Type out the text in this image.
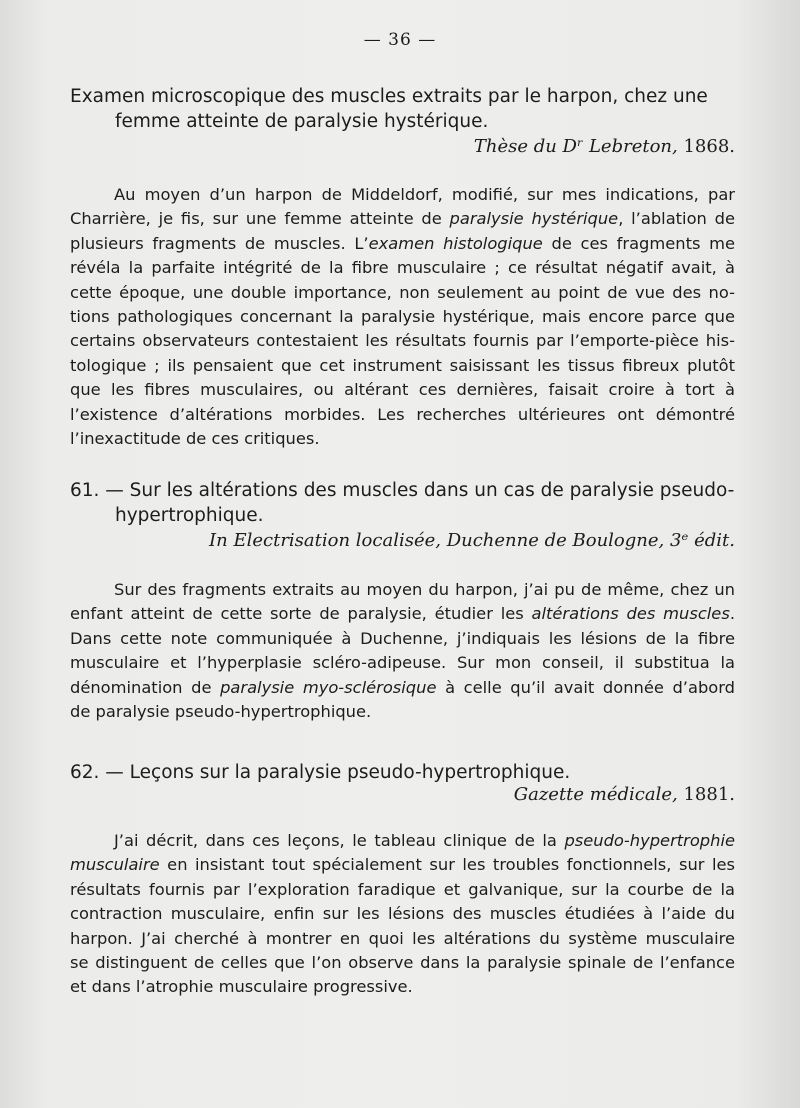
— 36 —
Examen microscopique des muscles extraits par le harpon, chez une
femme atteinte de paralysie hystérique.
Thèse du Dʳ Lebreton, 1868.
Au moyen d’un harpon de Middeldorf, modifié, sur mes indications, par
Charrière, je fis, sur une femme atteinte de paralysie hystérique, l’ablation de
plusieurs fragments de muscles. L’examen histologique de ces fragments me
révéla la parfaite intégrité de la fibre musculaire ; ce résultat négatif avait, à
cette époque, une double importance, non seulement au point de vue des no-
tions pathologiques concernant la paralysie hystérique, mais encore parce que
certains observateurs contestaient les résultats fournis par l’emporte-pièce his-
tologique ; ils pensaient que cet instrument saisissant les tissus fibreux plutôt
que les fibres musculaires, ou altérant ces dernières, faisait croire à tort à
l’existence d’altérations morbides. Les recherches ultérieures ont démontré
l’inexactitude de ces critiques.
61. — Sur les altérations des muscles dans un cas de paralysie pseudo-
hypertrophique.
In Electrisation localisée, Duchenne de Boulogne, 3ᵉ édit.
Sur des fragments extraits au moyen du harpon, j’ai pu de même, chez un
enfant atteint de cette sorte de paralysie, étudier les altérations des muscles.
Dans cette note communiquée à Duchenne, j’indiquais les lésions de la fibre
musculaire et l’hyperplasie scléro-adipeuse. Sur mon conseil, il substitua la
dénomination de paralysie myo-sclérosique à celle qu’il avait donnée d’abord
de paralysie pseudo-hypertrophique.
62. — Leçons sur la paralysie pseudo-hypertrophique.
Gazette médicale, 1881.
J’ai décrit, dans ces leçons, le tableau clinique de la pseudo-hypertrophie
musculaire en insistant tout spécialement sur les troubles fonctionnels, sur les
résultats fournis par l’exploration faradique et galvanique, sur la courbe de la
contraction musculaire, enfin sur les lésions des muscles étudiées à l’aide du
harpon. J’ai cherché à montrer en quoi les altérations du système musculaire
se distinguent de celles que l’on observe dans la paralysie spinale de l’enfance
et dans l’atrophie musculaire progressive.
